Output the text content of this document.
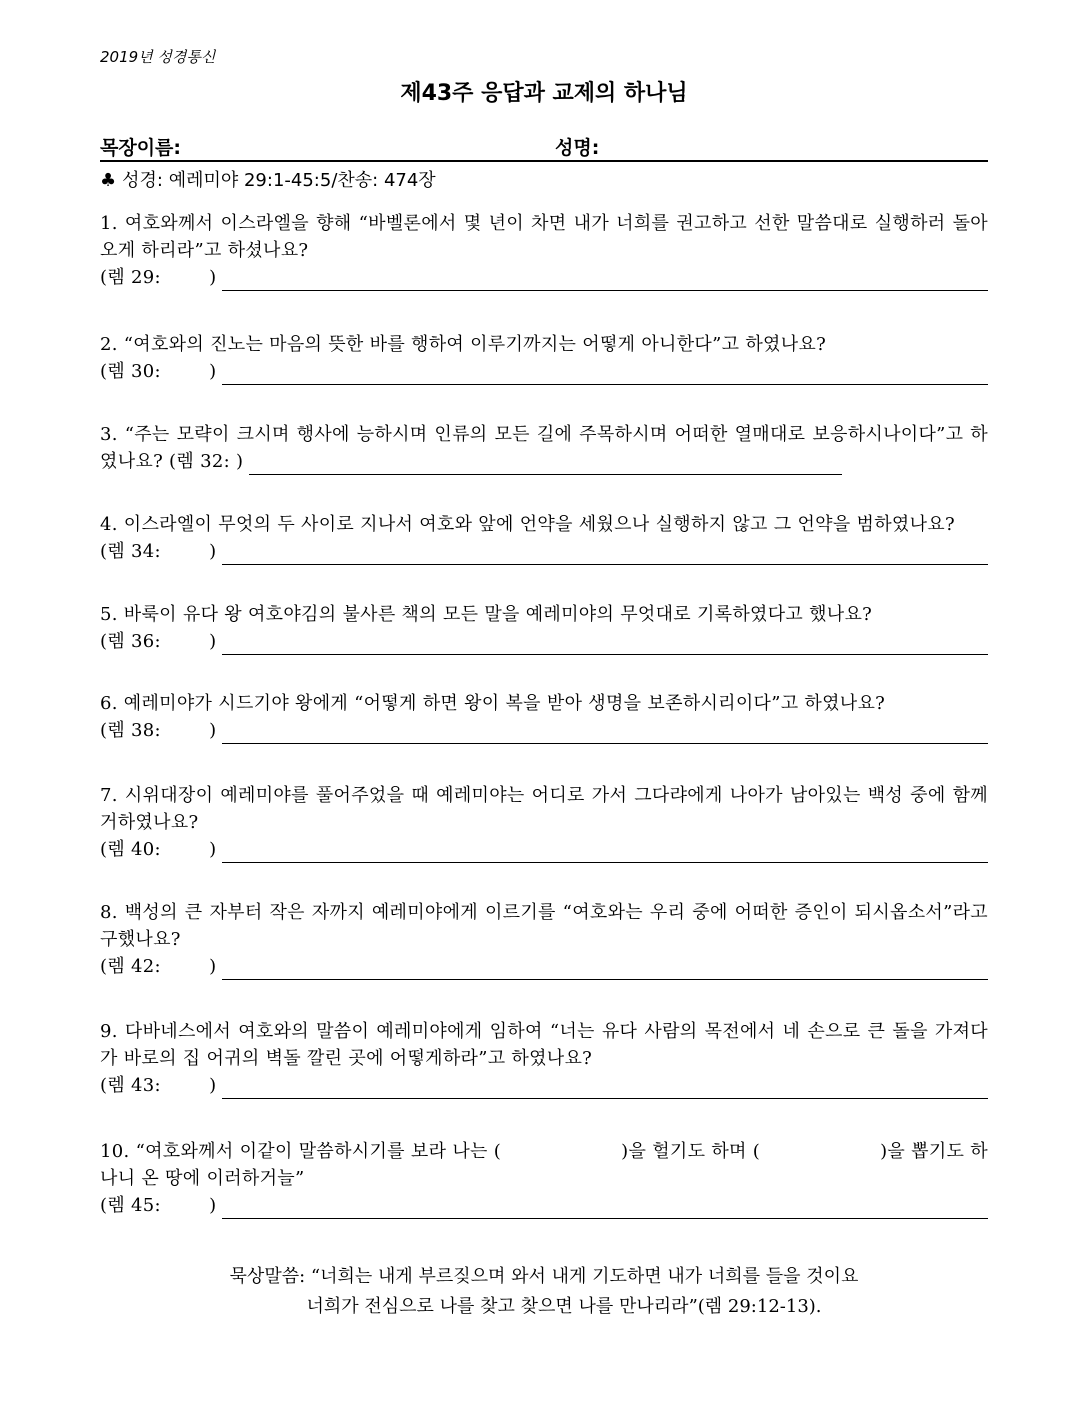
2019년 성경통신
제43주 응답과 교제의 하나님
목장이름:	성명:
♣ 성경: 예레미야 29:1-45:5/찬송: 474장

1. 여호와께서 이스라엘을 향해 “바벨론에서 몇 년이 차면 내가 너희를 권고하고 선한 말씀대로 실행하러 돌아오게 하리라”고 하셨나요?

(렘 29:        )

2. “여호와의 진노는 마음의 뜻한 바를 행하여 이루기까지는 어떻게 아니한다”고 하였나요?

(렘 30:        )

3. “주는 모략이 크시며 행사에 능하시며 인류의 모든 길에 주목하시며 어떠한 열매대로 보응하시나이다”고 하였나요? (렘 32: )

4. 이스라엘이 무엇의 두 사이로 지나서 여호와 앞에 언약을 세웠으나 실행하지 않고 그 언약을 범하였나요?

(렘 34:        )

5. 바룩이 유다 왕 여호야김의 불사른 책의 모든 말을 예레미야의 무엇대로 기록하였다고 했나요?

(렘 36:        )

6. 예레미야가 시드기야 왕에게 “어떻게 하면 왕이 복을 받아 생명을 보존하시리이다”고 하였나요?

(렘 38:        )

7. 시위대장이 예레미야를 풀어주었을 때 예레미야는 어디로 가서 그다랴에게 나아가 남아있는 백성 중에 함께 거하였나요?

(렘 40:        )

8. 백성의 큰 자부터 작은 자까지 예레미야에게 이르기를 “여호와는 우리 중에 어떠한 증인이 되시옵소서”라고 구했나요?

(렘 42:        )

9. 다바네스에서 여호와의 말씀이 예레미야에게 임하여 “너는 유다 사람의 목전에서 네 손으로 큰 돌을 가져다가 바로의 집 어귀의 벽돌 깔린 곳에 어떻게하라”고 하였나요?

(렘 43:        )

10. “여호와께서 이같이 말씀하시기를 보라 나는 (	)을 헐기도 하며 (	)을 뽑기도 하나니 온 땅에 이러하거늘”

(렘 45:        )
묵상말씀: “너희는 내게 부르짖으며 와서 내게 기도하면 내가 너희를 들을 것이요
너희가 전심으로 나를 찾고 찾으면 나를 만나리라”(렘 29:12-13).
